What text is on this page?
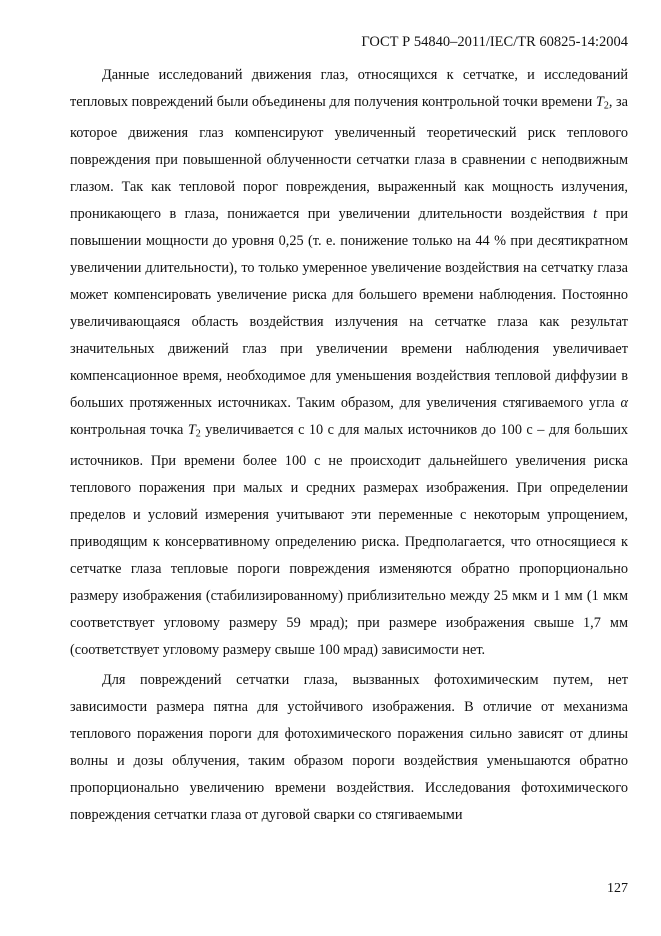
ГОСТ Р 54840–2011/IEC/TR 60825-14:2004

Данные исследований движения глаз, относящихся к сетчатке, и исследований тепловых повреждений были объединены для получения контрольной точки времени $T_2$, за которое движения глаз компенсируют увеличенный теоретический риск теплового повреждения при повышенной облученности сетчатки глаза в сравнении с неподвижным глазом. Так как тепловой порог повреждения, выраженный как мощность излучения, проникающего в глаза, понижается при увеличении длительности воздействия t при повышении мощности до уровня 0,25 (т. е. понижение только на 44 % при десятикратном увеличении длительности), то только умеренное увеличение воздействия на сетчатку глаза может компенсировать увеличение риска для большего времени наблюдения. Постоянно увеличивающаяся область воздействия излучения на сетчатке глаза как результат значительных движений глаз при увеличении времени наблюдения увеличивает компенсационное время, необходимое для уменьшения воздействия тепловой диффузии в больших протяженных источниках. Таким образом, для увеличения стягиваемого угла α контрольная точка $T_2$ увеличивается с 10 с для малых источников до 100 с – для больших источников. При времени более 100 с не происходит дальнейшего увеличения риска теплового поражения при малых и средних размерах изображения. При определении пределов и условий измерения учитывают эти переменные с некоторым упрощением, приводящим к консервативному определению риска. Предполагается, что относящиеся к сетчатке глаза тепловые пороги повреждения изменяются обратно пропорционально размеру изображения (стабилизированному) приблизительно между 25 мкм и 1 мм (1 мкм соответствует угловому размеру 59 мрад); при размере изображения свыше 1,7 мм (соответствует угловому размеру свыше 100 мрад) зависимости нет.

Для повреждений сетчатки глаза, вызванных фотохимическим путем, нет зависимости размера пятна для устойчивого изображения. В отличие от механизма теплового поражения пороги для фотохимического поражения сильно зависят от длины волны и дозы облучения, таким образом пороги воздействия уменьшаются обратно пропорционально увеличению времени воздействия. Исследования фотохимического повреждения сетчатки глаза от дуговой сварки со стягиваемыми

127
